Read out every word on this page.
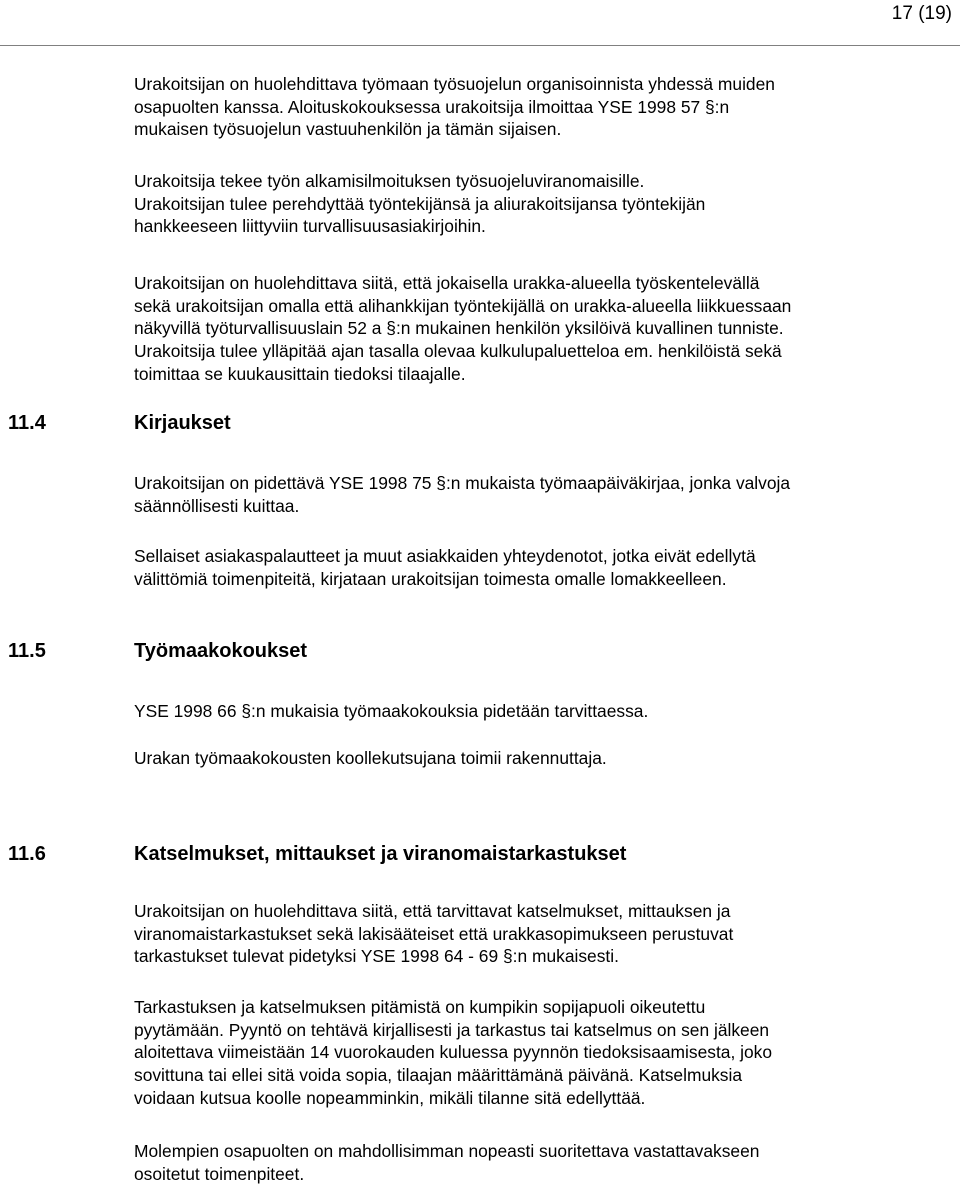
17 (19)

Urakoitsijan on huolehdittava työmaan työsuojelun organisoinnista yhdessä muiden
osapuolten kanssa. Aloituskokouksessa urakoitsija ilmoittaa YSE 1998 57 §:n
mukaisen työsuojelun vastuuhenkilön ja tämän sijaisen.

Urakoitsija tekee työn alkamisilmoituksen työsuojeluviranomaisille.
Urakoitsijan tulee perehdyttää työntekijänsä ja aliurakoitsijansa työntekijän
hankkeeseen liittyviin turvallisuusasiakirjoihin.

Urakoitsijan on huolehdittava siitä, että jokaisella urakka-alueella työskentelevällä
sekä urakoitsijan omalla että alihankkijan työntekijällä on urakka-alueella liikkuessaan
näkyvillä työturvallisuuslain 52 a §:n mukainen henkilön yksilöivä kuvallinen tunniste.
Urakoitsija tulee ylläpitää ajan tasalla olevaa kulkulupaluetteloa em. henkilöistä sekä
toimittaa se kuukausittain tiedoksi tilaajalle.

11.4	Kirjaukset

Urakoitsijan on pidettävä YSE 1998 75 §:n mukaista työmaapäiväkirjaa, jonka valvoja
säännöllisesti kuittaa.

Sellaiset asiakaspalautteet ja muut asiakkaiden yhteydenotot, jotka eivät edellytä
välittömiä toimenpiteitä, kirjataan urakoitsijan toimesta omalle lomakkeelleen.

11.5	Työmaakokoukset

YSE 1998 66 §:n mukaisia työmaakokouksia pidetään tarvittaessa.

Urakan työmaakokousten koollekutsujana toimii rakennuttaja.

11.6	Katselmukset, mittaukset ja viranomaistarkastukset

Urakoitsijan on huolehdittava siitä, että tarvittavat katselmukset, mittauksen ja
viranomaistarkastukset sekä lakisääteiset että urakkasopimukseen perustuvat
tarkastukset tulevat pidetyksi YSE 1998 64 - 69 §:n mukaisesti.

Tarkastuksen ja katselmuksen pitämistä on kumpikin sopijapuoli oikeutettu
pyytämään. Pyyntö on tehtävä kirjallisesti ja tarkastus tai katselmus on sen jälkeen
aloitettava viimeistään 14 vuorokauden kuluessa pyynnön tiedoksisaamisesta, joko
sovittuna tai ellei sitä voida sopia, tilaajan määrittämänä päivänä. Katselmuksia
voidaan kutsua koolle nopeamminkin, mikäli tilanne sitä edellyttää.

Molempien osapuolten on mahdollisimman nopeasti suoritettava vastattavakseen
osoitetut toimenpiteet.
